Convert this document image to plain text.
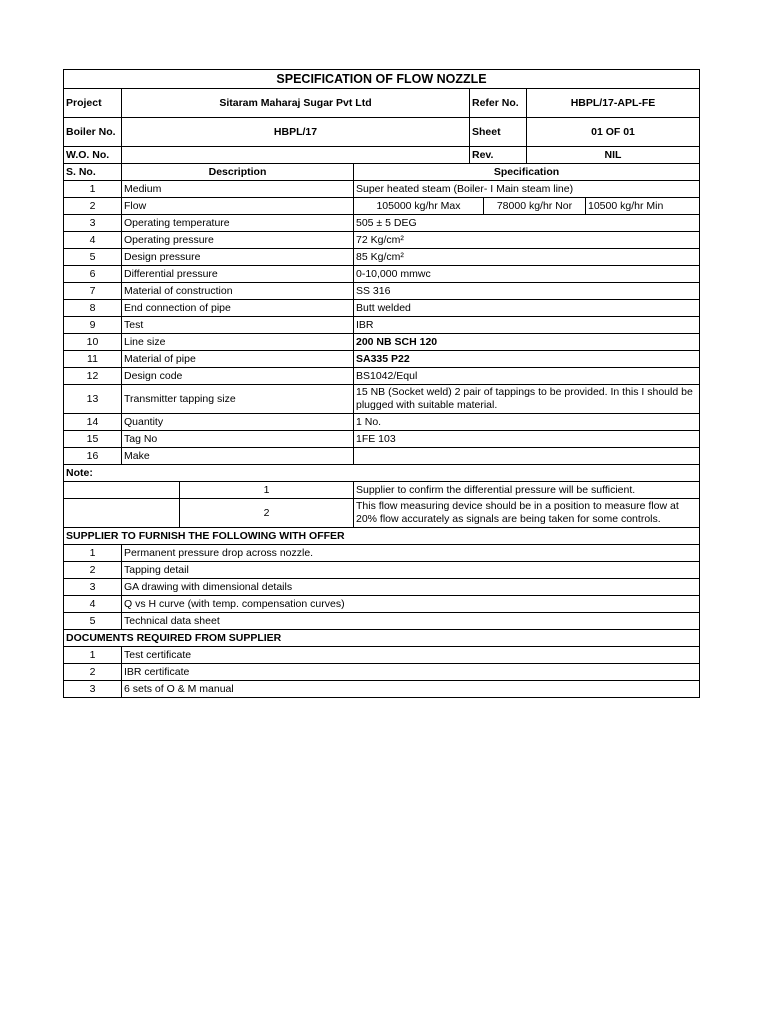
SPECIFICATION OF FLOW NOZZLE					
Project	Sitaram Maharaj Sugar Pvt Ltd			Refer No.	HBPL/17-APL-FE
Boiler No.	HBPL/17			Sheet	01 OF 01
W.O. No.				Rev.	NIL
S. No.	Description		Specification		
1	Medium		Super heated steam (Boiler- I Main steam line)		
2	Flow		105000 kg/hr Max 78000 kg/hr Nor 10500 kg/hr Min		

3	Operating temperature		505 ± 5 DEG		
4	Operating pressure		72 Kg/cm²		
5	Design pressure		85 Kg/cm²		
6	Differential pressure		0-10,000 mmwc		
7	Material of construction		SS 316		
8	End connection of pipe		Butt welded		
9	Test		IBR		
10	Line size		200 NB SCH 120		
11	Material of pipe		SA335 P22		
12	Design code		BS1042/Equl		
13	Transmitter tapping size		15 NB (Socket weld) 2 pair of tappings to be provided. In this I should be plugged with suitable material.		
14	Quantity		1 No.		
15	Tag No		1FE 103		
16	Make				
Note:					
		1	Supplier to confirm the differential pressure will be sufficient.		
		2	This flow measuring device should be in a position to measure flow at 20% flow accurately as signals are being taken for some controls.		
SUPPLIER TO FURNISH THE FOLLOWING WITH OFFER					
1	Permanent pressure drop across nozzle.				
2	Tapping detail				
3	GA drawing with dimensional details				
4	Q vs H curve (with temp. compensation curves)				
5	Technical data sheet				
DOCUMENTS REQUIRED FROM SUPPLIER					
1	Test certificate				
2	IBR certificate				
3	6 sets of O & M manual				
